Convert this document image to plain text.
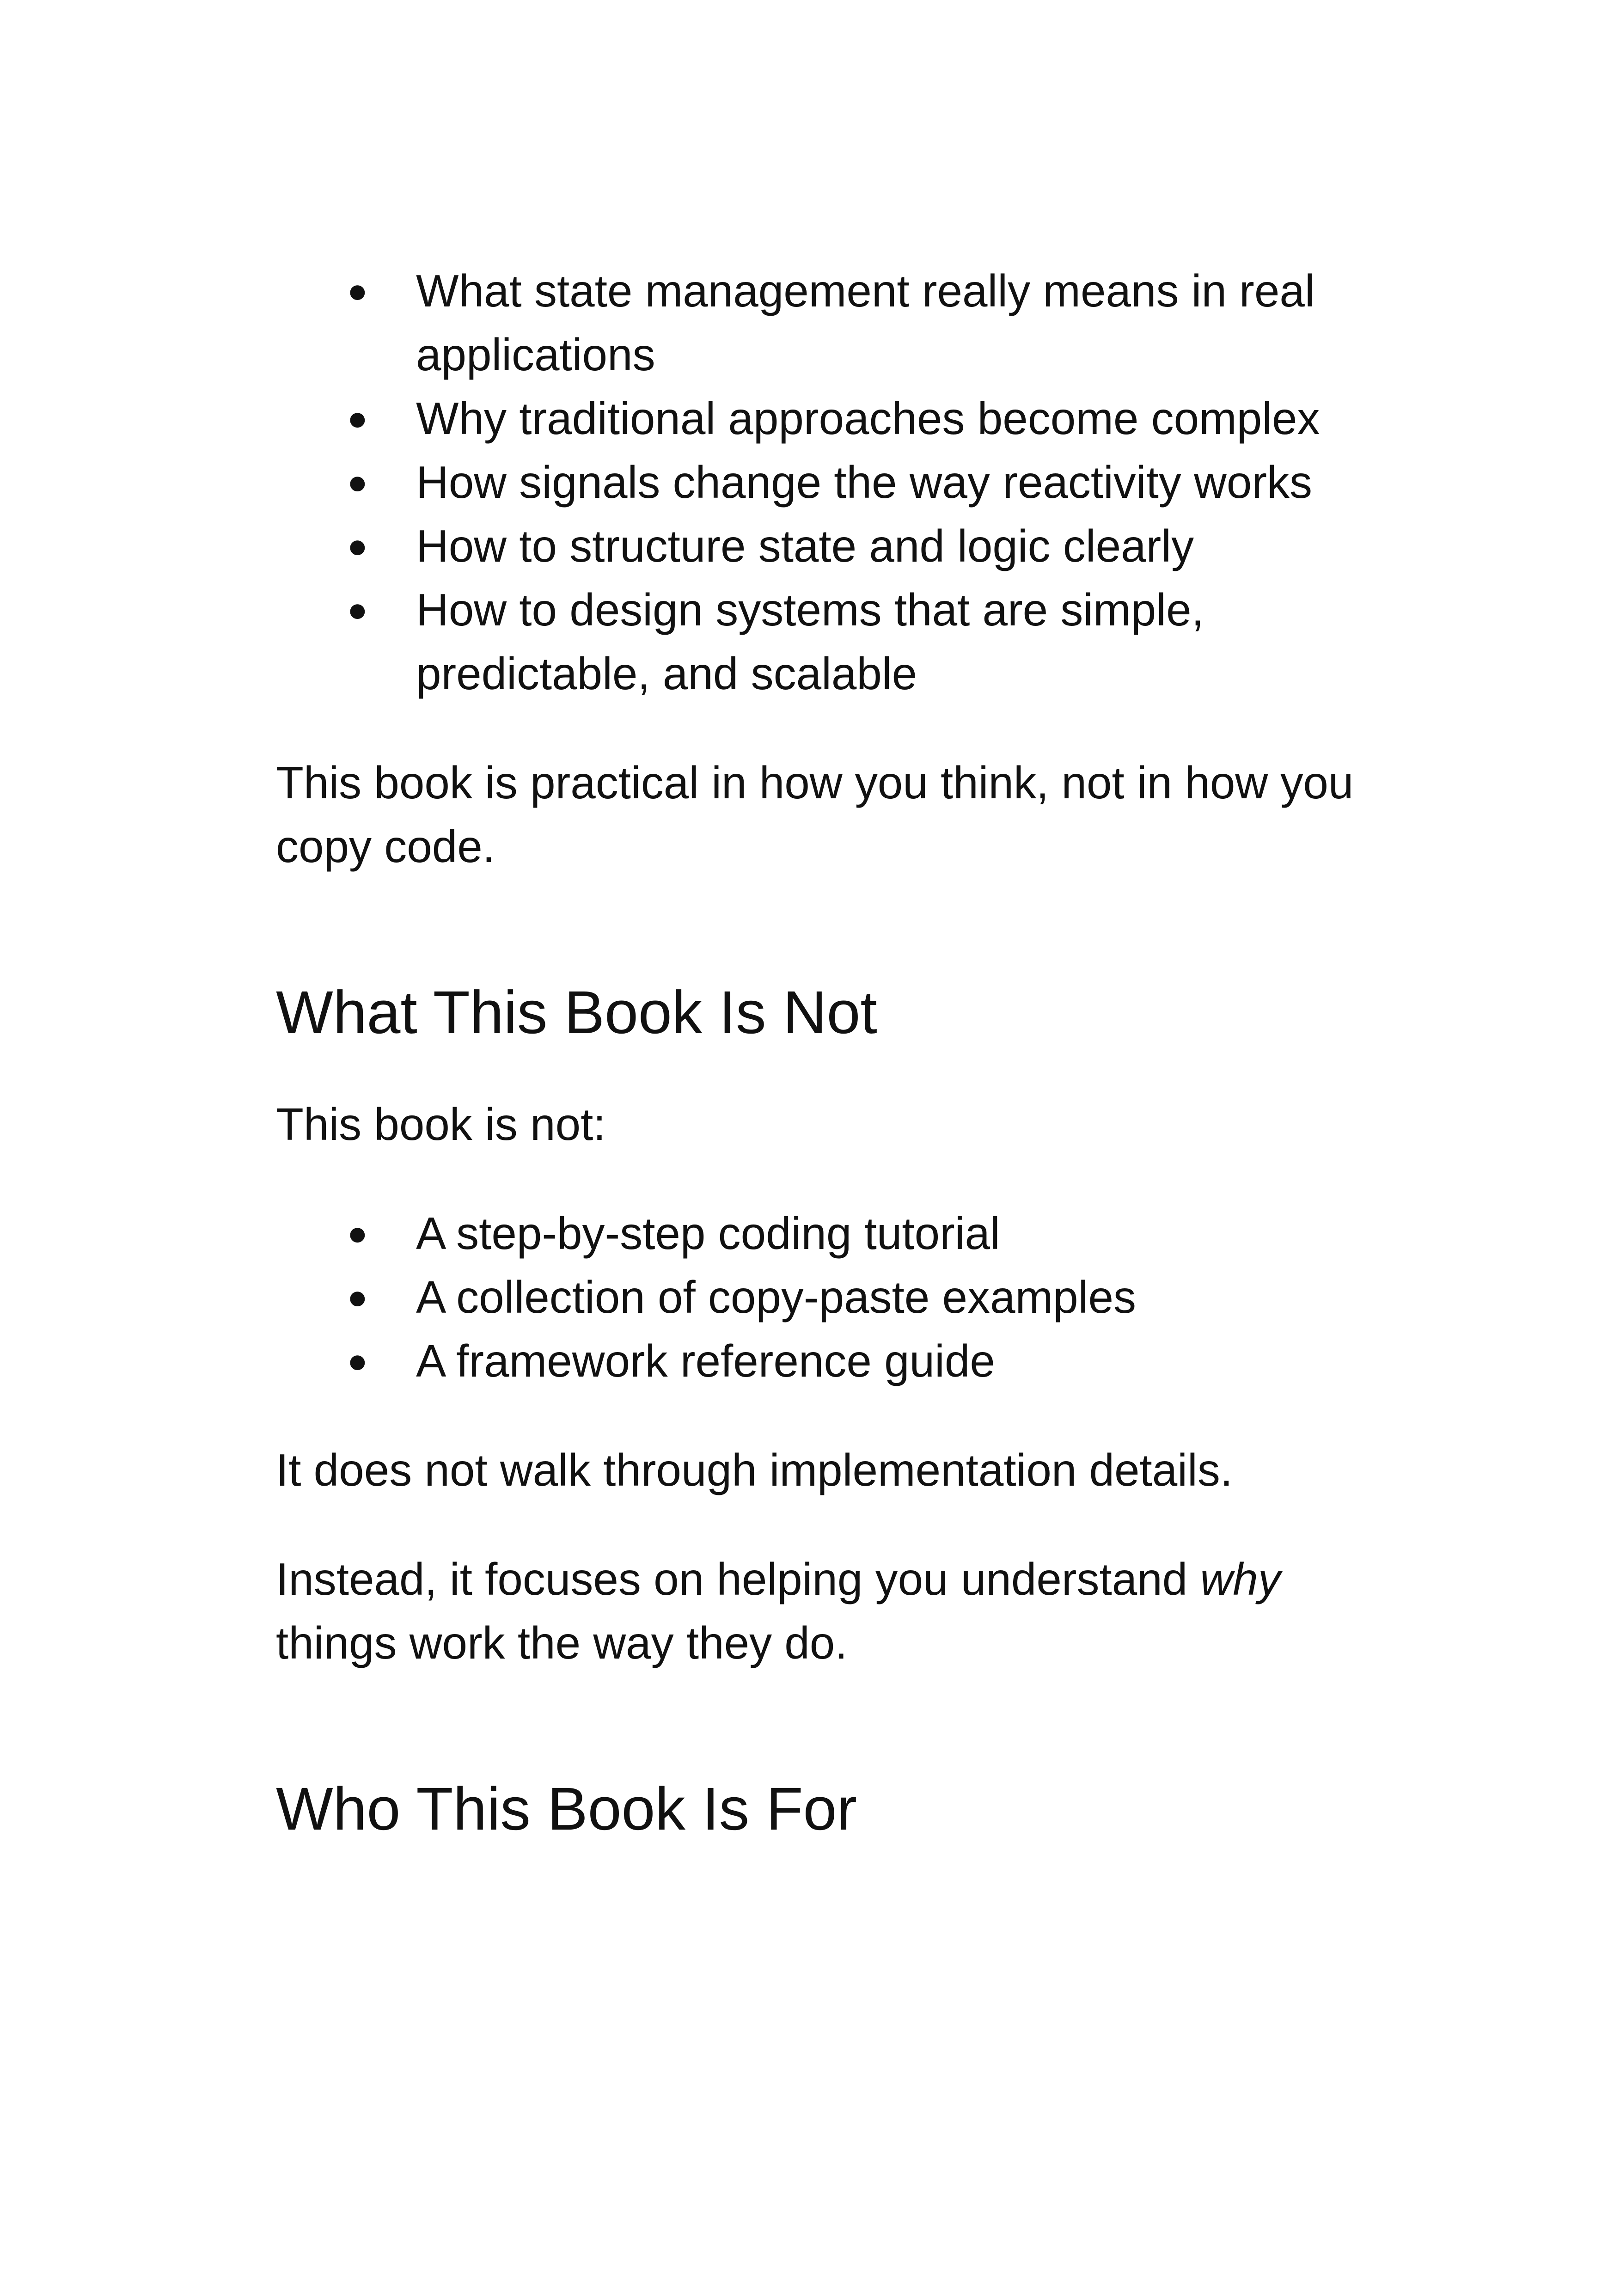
●	What state management really means in real applications
●	Why traditional approaches become complex
●	How signals change the way reactivity works
●	How to structure state and logic clearly
●	How to design systems that are simple, predictable, and scalable

This book is practical in how you think, not in how you copy code.

What This Book Is Not

This book is not:

●	A step-by-step coding tutorial
●	A collection of copy-paste examples
●	A framework reference guide

It does not walk through implementation details.

Instead, it focuses on helping you understand why things work the way they do.

Who This Book Is For
